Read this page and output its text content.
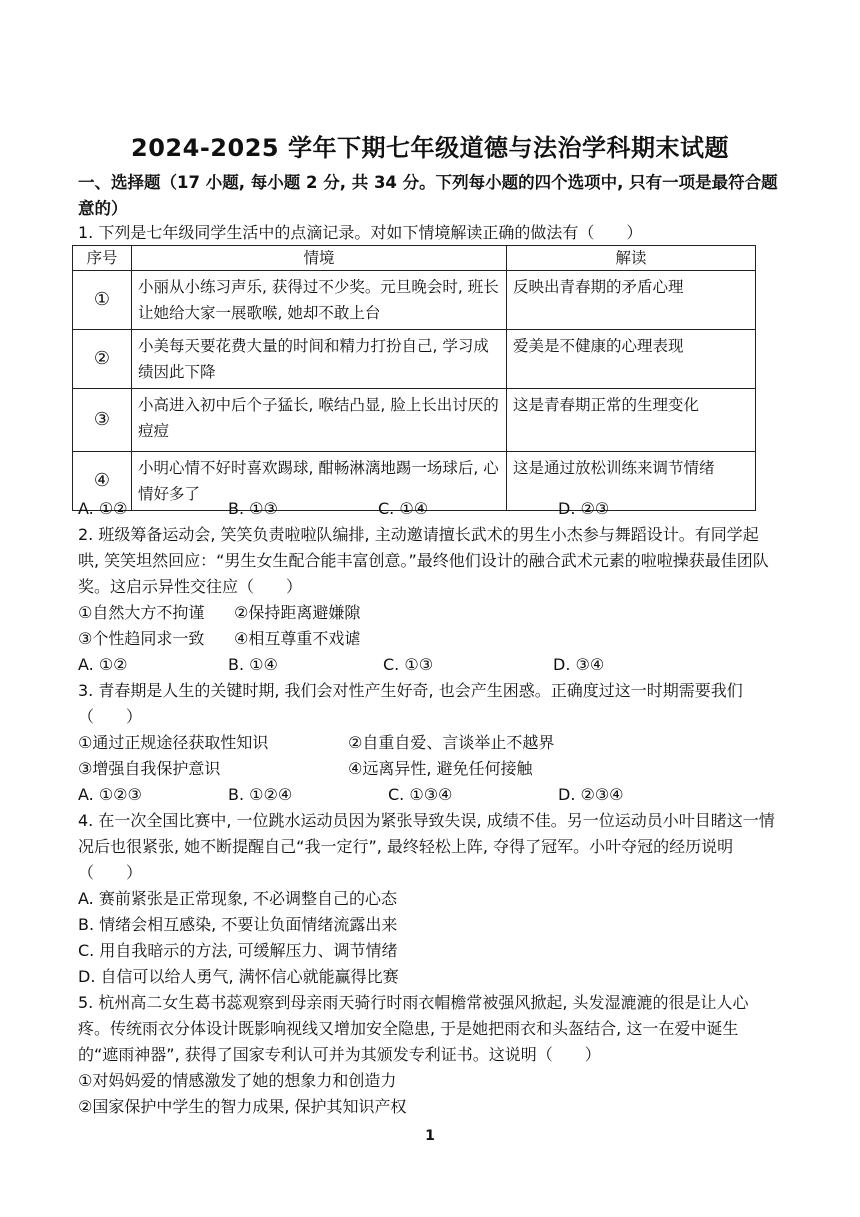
2024-2025 学年下期七年级道德与法治学科期末试题
一、选择题（17 小题, 每小题 2 分, 共 34 分。下列每小题的四个选项中, 只有一项是最符合题意的）
1. 下列是七年级同学生活中的点滴记录。对如下情境解读正确的做法有（　　）
序号	情境	解读
①	小丽从小练习声乐, 获得过不少奖。元旦晚会时, 班长让她给大家一展歌喉, 她却不敢上台	反映出青春期的矛盾心理
②	小美每天要花费大量的时间和精力打扮自己, 学习成绩因此下降	爱美是不健康的心理表现
③	小高进入初中后个子猛长, 喉结凸显, 脸上长出讨厌的痘痘	这是青春期正常的生理变化
④	小明心情不好时喜欢踢球, 酣畅淋漓地踢一场球后, 心情好多了	这是通过放松训练来调节情绪
A. ①②	B. ①③	C. ①④	D. ②③
2. 班级筹备运动会, 笑笑负责啦啦队编排, 主动邀请擅长武术的男生小杰参与舞蹈设计。有同学起哄, 笑笑坦然回应：“男生女生配合能丰富创意。”最终他们设计的融合武术元素的啦啦操获最佳团队奖。这启示异性交往应（　　）
①自然大方不拘谨	②保持距离避嫌隙
③个性趋同求一致	④相互尊重不戏谑
A. ①②	B. ①④	C. ①③	D. ③④
3. 青春期是人生的关键时期, 我们会对性产生好奇, 也会产生困惑。正确度过这一时期需要我们（　　）
①通过正规途径获取性知识	②自重自爱、言谈举止不越界
③增强自我保护意识	④远离异性, 避免任何接触
A. ①②③	B. ①②④	C. ①③④	D. ②③④
4. 在一次全国比赛中, 一位跳水运动员因为紧张导致失误, 成绩不佳。另一位运动员小叶目睹这一情况后也很紧张, 她不断提醒自己“我一定行”, 最终轻松上阵, 夺得了冠军。小叶夺冠的经历说明（　　）
A. 赛前紧张是正常现象, 不必调整自己的心态
B. 情绪会相互感染, 不要让负面情绪流露出来
C. 用自我暗示的方法, 可缓解压力、调节情绪
D. 自信可以给人勇气, 满怀信心就能赢得比赛
5. 杭州高二女生葛书蕊观察到母亲雨天骑行时雨衣帽檐常被强风掀起, 头发湿漉漉的很是让人心疼。传统雨衣分体设计既影响视线又增加安全隐患, 于是她把雨衣和头盔结合, 这一在爱中诞生的“遮雨神器”, 获得了国家专利认可并为其颁发专利证书。这说明（　　）
①对妈妈爱的情感激发了她的想象力和创造力
②国家保护中学生的智力成果, 保护其知识产权
1
